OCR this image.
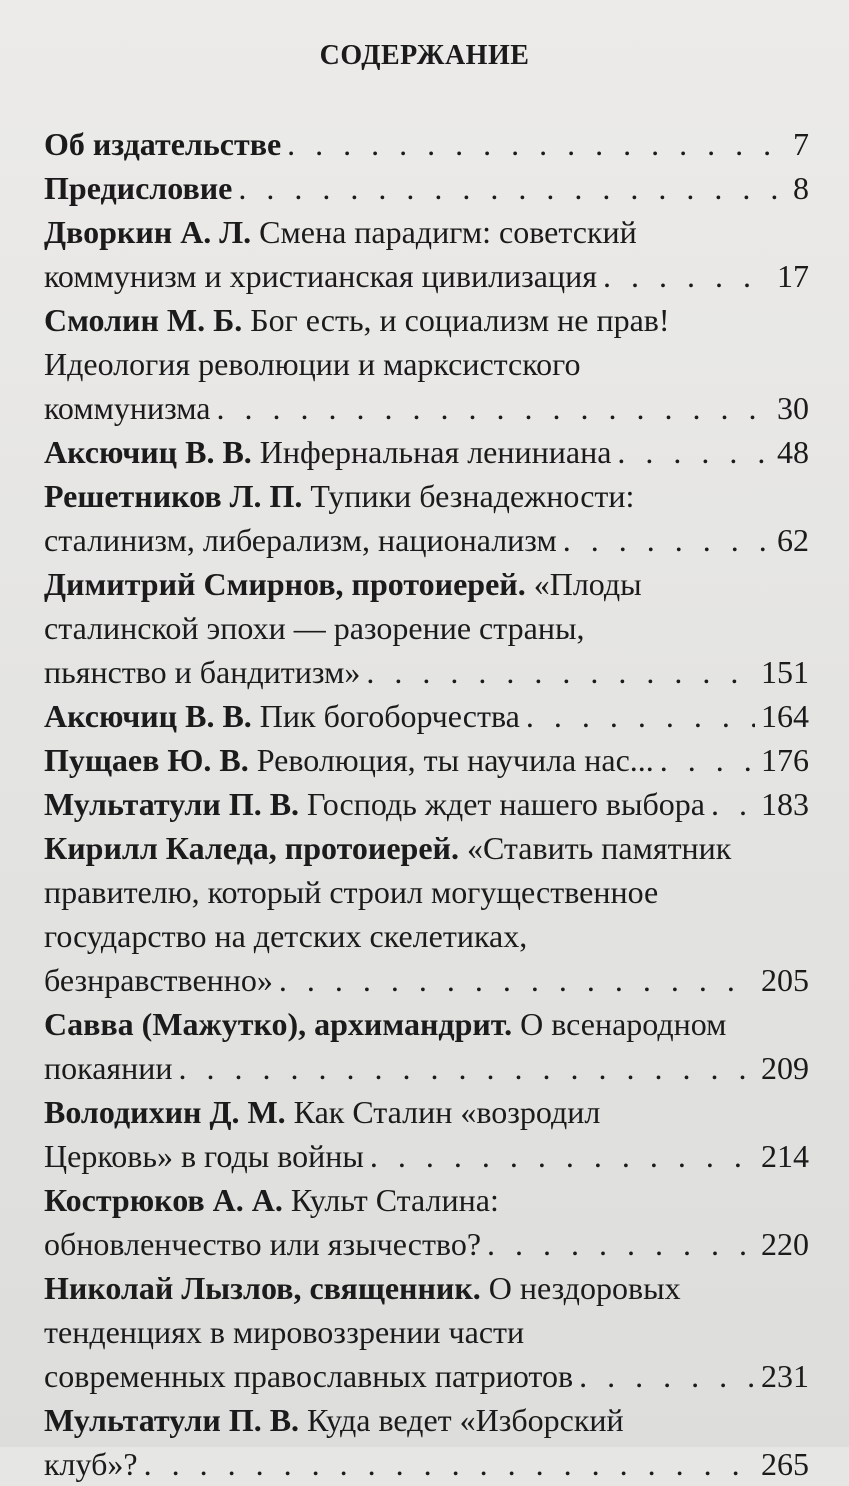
СОДЕРЖАНИЕ
Об издательстве . . .	7
Предисловие . . .	8
Дворкин А. Л. Смена парадигм: советский
коммунизм и христианская цивилизация . . .	17
Смолин М. Б. Бог есть, и социализм не прав!
Идеология революции и марксистского
коммунизма . . .	30
Аксючиц В. В. Инфернальная лениниана . . .	48
Решетников Л. П. Тупики безнадежности:
сталинизм, либерализм, национализм . . .	62
Димитрий Смирнов, протоиерей. «Плоды
сталинской эпохи — разорение страны,
пьянство и бандитизм» . . .	151
Аксючиц В. В. Пик богоборчества . . .	164
Пущаев Ю. В. Революция, ты научила нас... . . .	176
Мультатули П. В. Господь ждет нашего выбора . . . 183
Кирилл Каледа, протоиерей. «Ставить памятник
правителю, который строил могущественное
государство на детских скелетиках,
безнравственно» . . .	205
Савва (Мажутко), архимандрит. О всенародном
покаянии . . .	209
Володихин Д. М. Как Сталин «возродил
Церковь» в годы войны . . .	214
Кострюков А. А. Культ Сталина:
обновленчество или язычество? . . .	220
Николай Лызлов, священник. О нездоровых
тенденциях в мировоззрении части
современных православных патриотов . . .	231
Мультатули П. В. Куда ведет «Изборский
клуб»? . . .	265
